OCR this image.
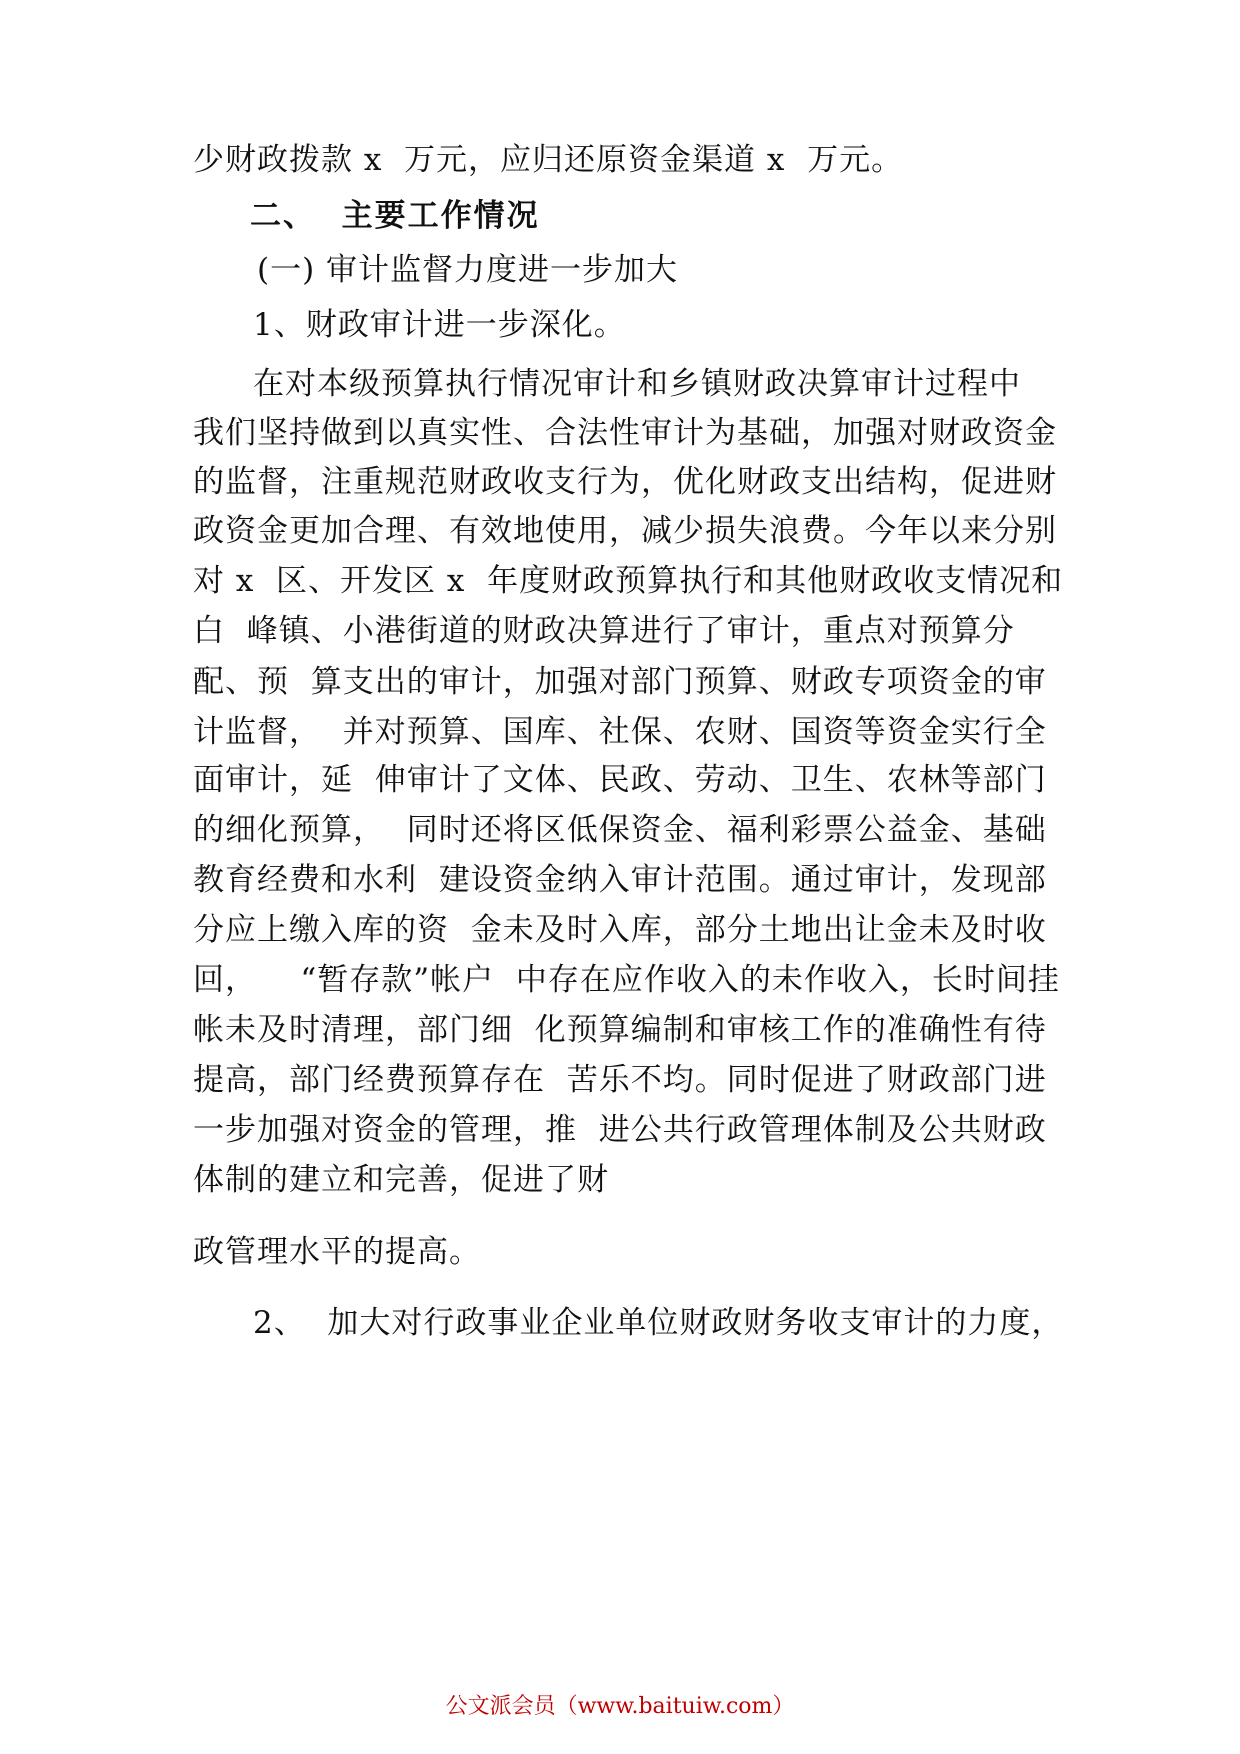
少财政拨款 x  万元，应归还原资金渠道 x  万元。
二、  主要工作情况
(一) 审计监督力度进一步加大
1、财政审计进一步深化。
在对本级预算执行情况审计和乡镇财政决算审计过程中
我们坚持做到以真实性、合法性审计为基础，加强对财政资金
的监督，注重规范财政收支行为，优化财政支出结构，促进财
政资金更加合理、有效地使用，减少损失浪费。今年以来分别
对 x  区、开发区 x  年度财政预算执行和其他财政收支情况和
白  峰镇、小港街道的财政决算进行了审计，重点对预算分
配、预  算支出的审计，加强对部门预算、财政专项资金的审
计监督，  并对预算、国库、社保、农财、国资等资金实行全
面审计，延  伸审计了文体、民政、劳动、卫生、农林等部门
的细化预算，  同时还将区低保资金、福利彩票公益金、基础
教育经费和水利  建设资金纳入审计范围。通过审计，发现部
分应上缴入库的资  金未及时入库，部分土地出让金未及时收
回，    “暂存款”帐户  中存在应作收入的未作收入，长时间挂
帐未及时清理，部门细  化预算编制和审核工作的准确性有待
提高，部门经费预算存在  苦乐不均。同时促进了财政部门进
一步加强对资金的管理，推  进公共行政管理体制及公共财政
体制的建立和完善，促进了财
政管理水平的提高。
2、  加大对行政事业企业单位财政财务收支审计的力度，
公文派会员（www.baituiw.com）
